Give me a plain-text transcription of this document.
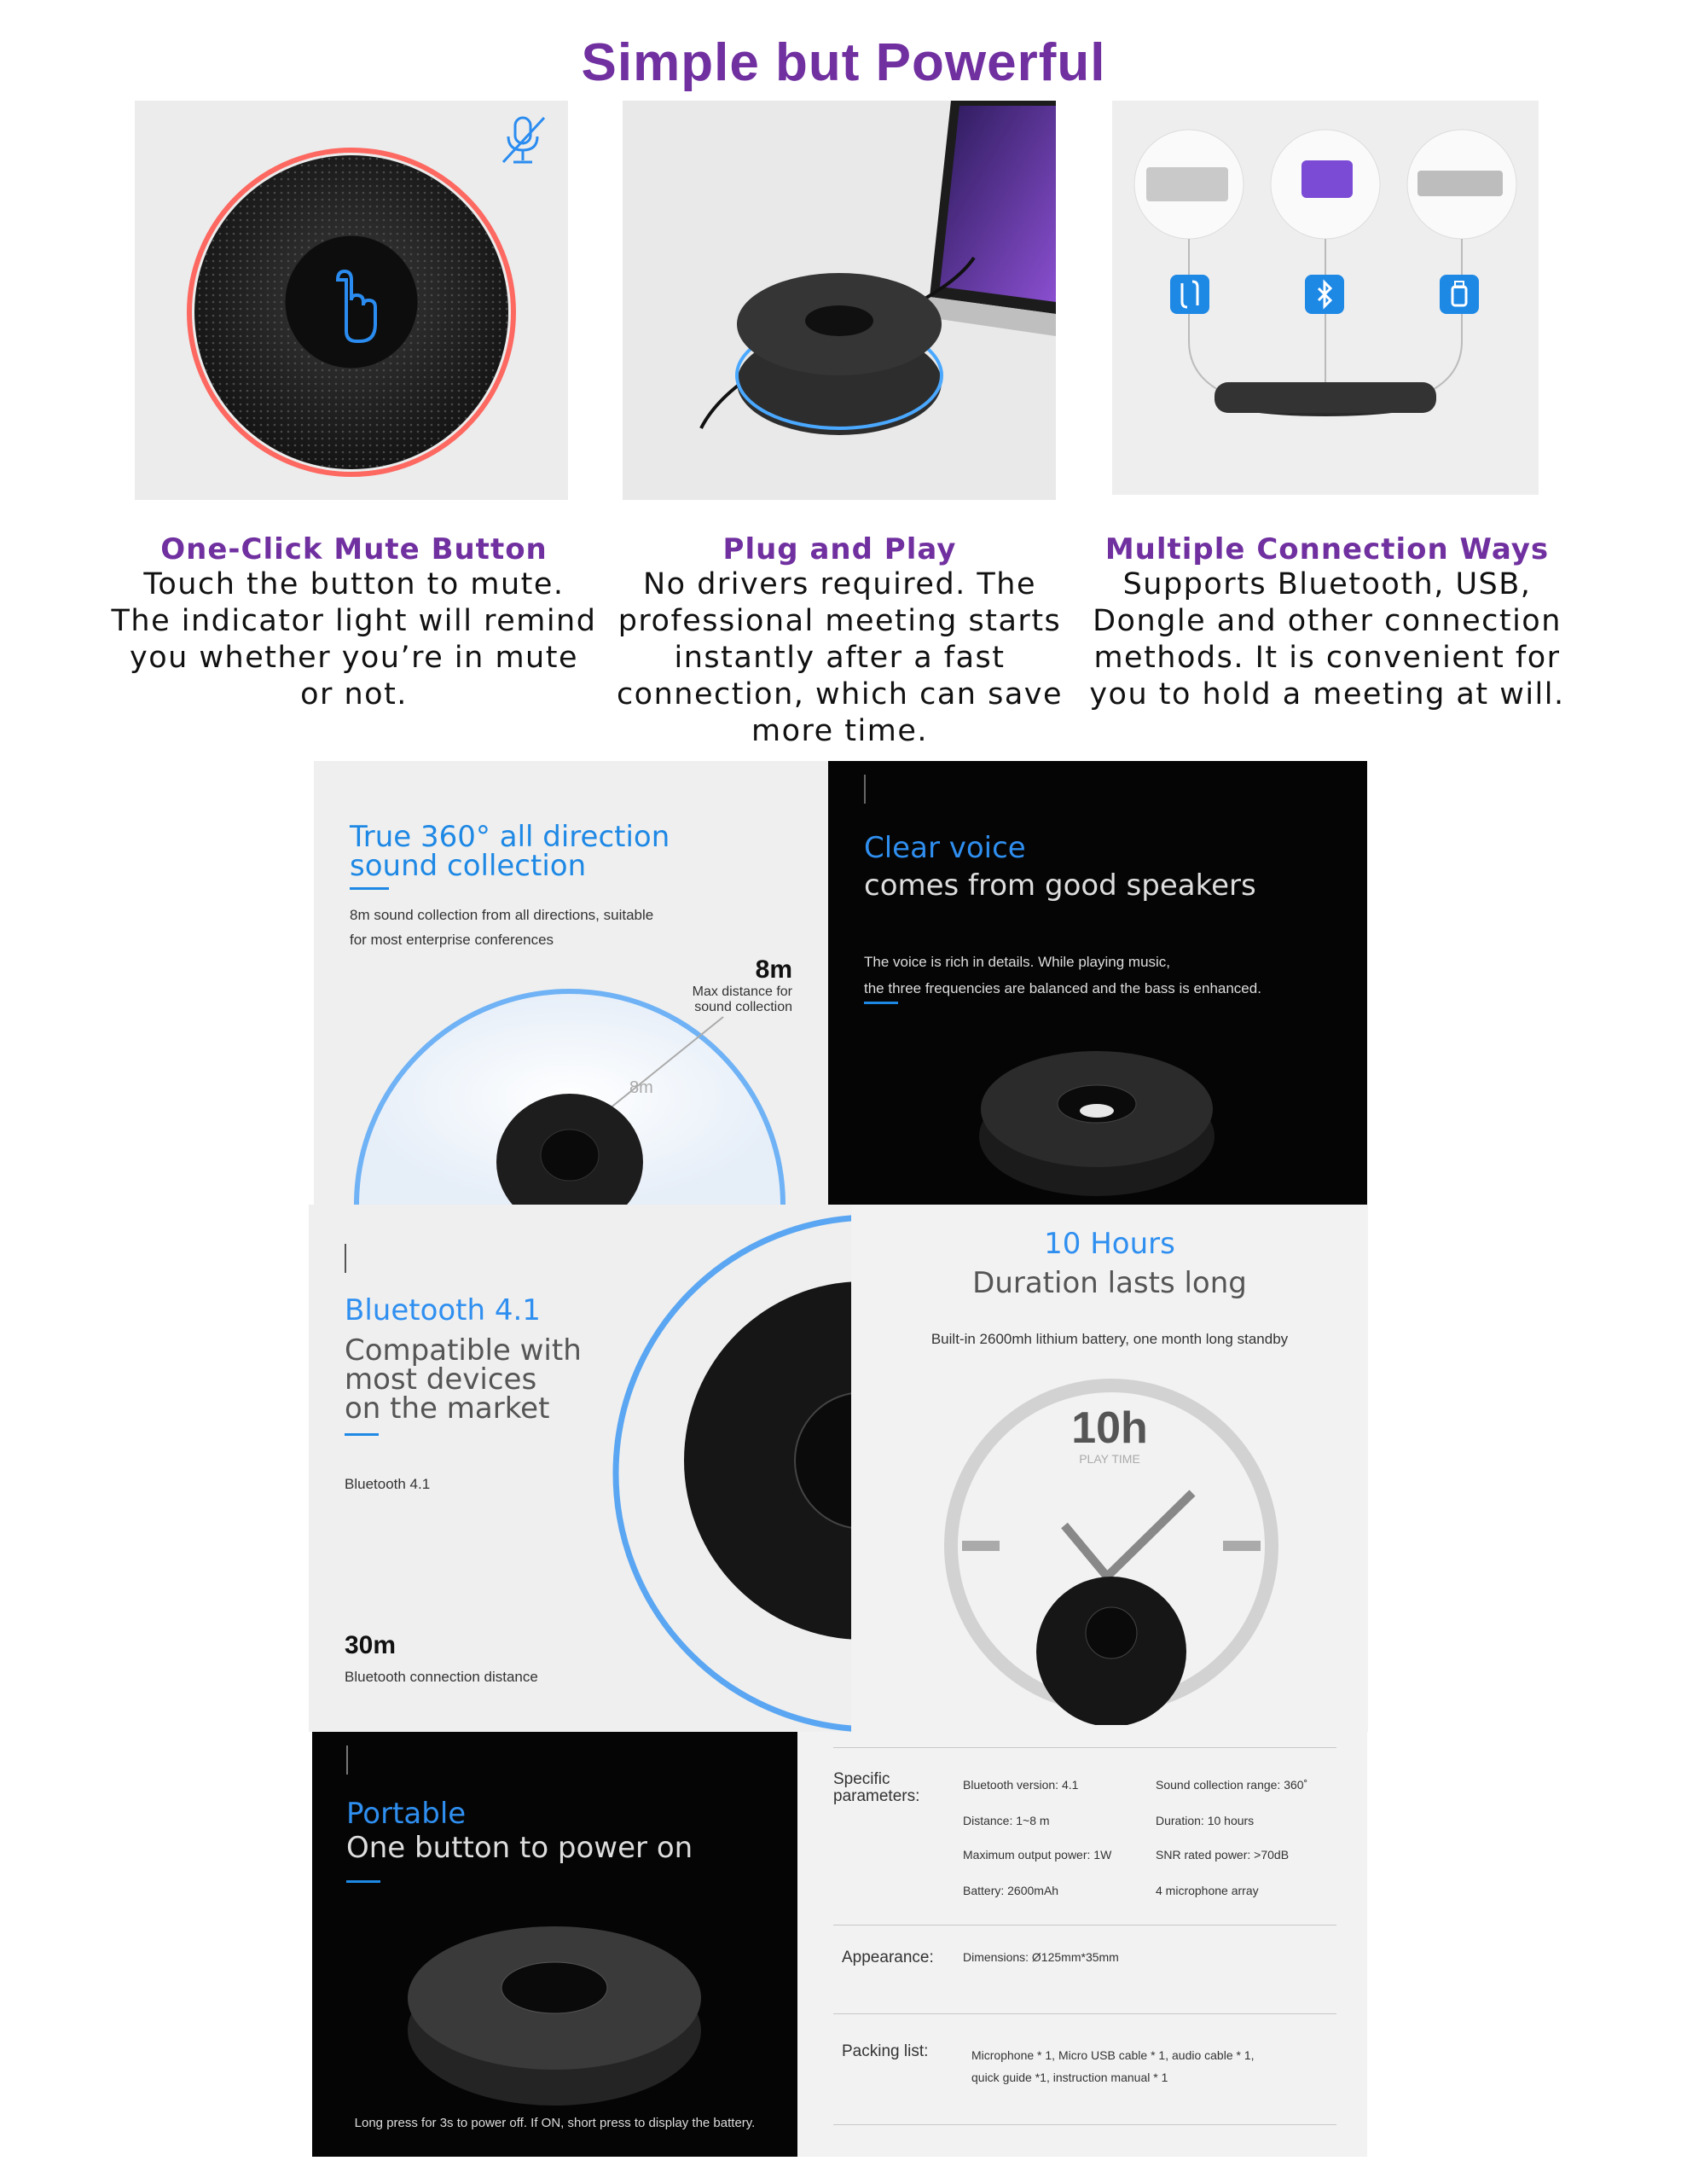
Simple but Powerful
One-Click Mute Button
Touch the button to mute. The indicator light will remind you whether you’re in mute or not.
Plug and Play
No drivers required. The professional meeting starts instantly after a fast connection, which can save more time.
Multiple Connection Ways
Supports Bluetooth, USB, Dongle and other connection methods. It is convenient for you to hold a meeting at will.
True 360° all direction
sound collection
8m sound collection from all directions, suitable
for most enterprise conferences
8m
Max distance for
sound collection
8m
Clear voice
comes from good speakers
The voice is rich in details. While playing music,
the three frequencies are balanced and the bass is enhanced.
Bluetooth 4.1
Compatible with
most devices
on the market
Bluetooth 4.1
30m
Bluetooth connection distance
10 Hours
Duration lasts long
Built-in 2600mh lithium battery, one month long standby
10h
PLAY TIME
Portable
One button to power on
Long press for 3s to power off. If ON, short press to display the battery.
Specific
parameters:
Bluetooth version: 4.1	Sound collection range: 360˚
Distance: 1~8 m	Duration: 10 hours
Maximum output power: 1W	SNR rated power: >70dB
Battery: 2600mAh	4 microphone array
Appearance: Dimensions: Ø125mm*35mm
Packing list:	Microphone * 1, Micro USB cable * 1, audio cable * 1,
quick guide *1, instruction manual * 1
